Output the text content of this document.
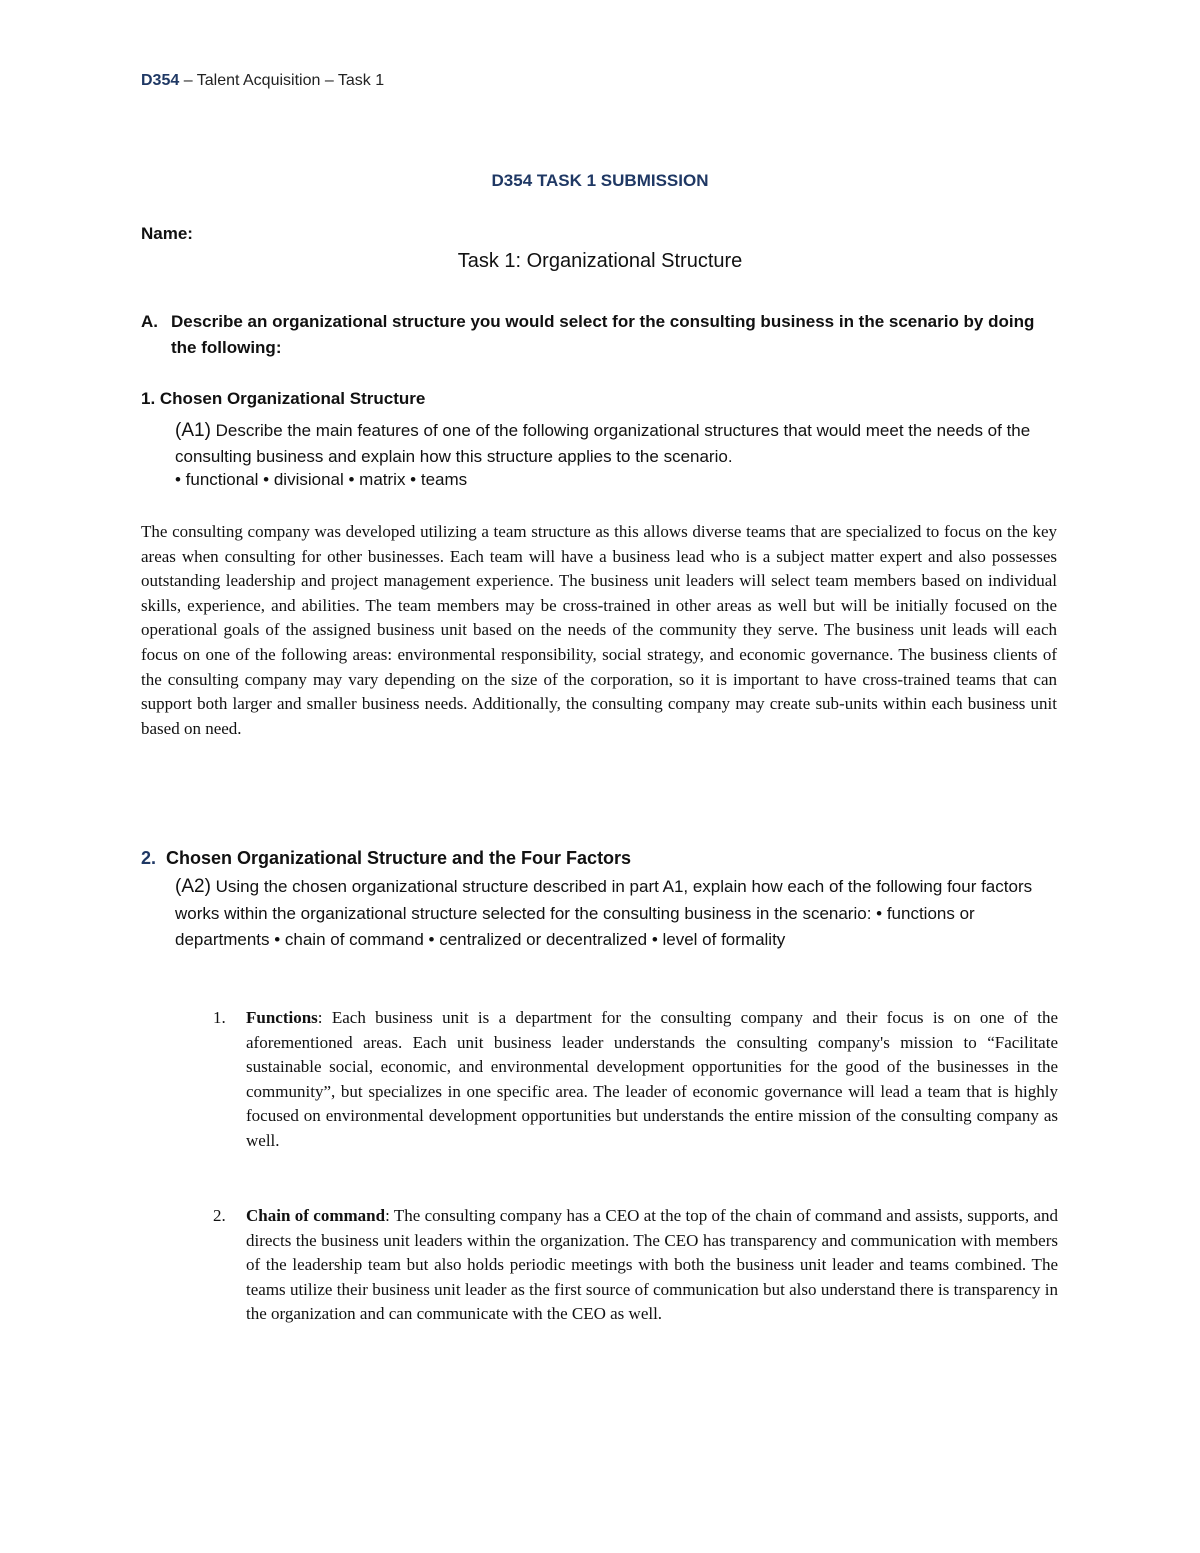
D354 – Talent Acquisition – Task 1
D354 TASK 1 SUBMISSION
Name:
Task 1: Organizational Structure
A. Describe an organizational structure you would select for the consulting business in the scenario by doing the following:
1. Chosen Organizational Structure
(A1) Describe the main features of one of the following organizational structures that would meet the needs of the consulting business and explain how this structure applies to the scenario.
• functional • divisional • matrix • teams
The consulting company was developed utilizing a team structure as this allows diverse teams that are specialized to focus on the key areas when consulting for other businesses. Each team will have a business lead who is a subject matter expert and also possesses outstanding leadership and project management experience. The business unit leaders will select team members based on individual skills, experience, and abilities. The team members may be cross-trained in other areas as well but will be initially focused on the operational goals of the assigned business unit based on the needs of the community they serve. The business unit leads will each focus on one of the following areas: environmental responsibility, social strategy, and economic governance. The business clients of the consulting company may vary depending on the size of the corporation, so it is important to have cross-trained teams that can support both larger and smaller business needs. Additionally, the consulting company may create sub-units within each business unit based on need.
2. Chosen Organizational Structure and the Four Factors
(A2) Using the chosen organizational structure described in part A1, explain how each of the following four factors works within the organizational structure selected for the consulting business in the scenario: • functions or departments • chain of command • centralized or decentralized • level of formality
1. Functions: Each business unit is a department for the consulting company and their focus is on one of the aforementioned areas. Each unit business leader understands the consulting company's mission to “Facilitate sustainable social, economic, and environmental development opportunities for the good of the businesses in the community”, but specializes in one specific area. The leader of economic governance will lead a team that is highly focused on environmental development opportunities but understands the entire mission of the consulting company as well.
2. Chain of command: The consulting company has a CEO at the top of the chain of command and assists, supports, and directs the business unit leaders within the organization. The CEO has transparency and communication with members of the leadership team but also holds periodic meetings with both the business unit leader and teams combined. The teams utilize their business unit leader as the first source of communication but also understand there is transparency in the organization and can communicate with the CEO as well.
